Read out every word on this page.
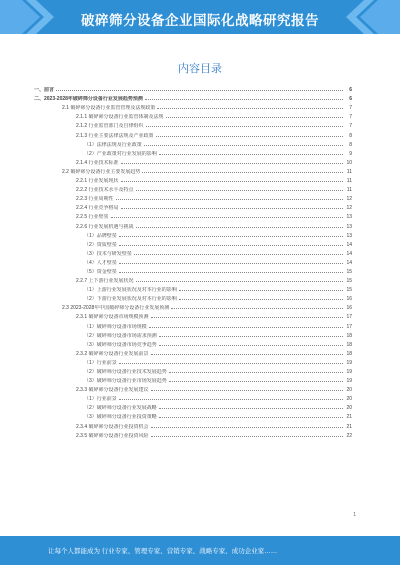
破碎筛分设备企业国际化战略研究报告
内容目录
一、前言	6
二、2023-2028年破碎筛分设备行业发展趋势预测	6
2.1 破碎筛分设备行业监管管理及法规政策	7
2.1.1 破碎筛分设备行业监管体制及法规	7
2.1.2 行业监管部门及自律组织	7
2.1.3 行业主要法律法规及产业政策	8
（1）法律法规及行业政策	8
（2）产业政策对行业发展的影响	9
2.1.4 行业技术标准	10
2.2 破碎筛分设备行业主要发展趋势	11
2.2.1 行业发展现状	11
2.2.2 行业技术水平及特点	11
2.2.3 行业周期性	12
2.2.4 行业竞争格局	12
2.2.5 行业壁垒	13
2.2.6 行业发展机遇与挑战	13
（1）品牌壁垒	13
（2）资质壁垒	14
（3）技术与研发壁垒	14
（4）人才壁垒	14
（5）资金壁垒	15
2.2.7 上下游行业发展状况	15
（1）上游行业发展状况及对本行业的影响	15
（2）下游行业发展状况及对本行业的影响	16
2.3 2023-2028年中国破碎筛分设备行业发展预测	16
2.3.1 破碎筛分设备市场规模预测	17
（1）破碎筛分设备市场规模	17
（2）破碎筛分设备市场需求预测	18
（3）破碎筛分设备市场竞争趋势	18
2.3.2 破碎筛分设备行业发展前景	18
（1）行业前景	19
（2）破碎筛分设备行业技术发展趋势	19
（3）破碎筛分设备行业市场发展趋势	19
2.3.3 破碎筛分设备行业发展建议	20
（1）行业前景	20
（2）破碎筛分设备行业发展战略	20
（3）破碎筛分设备行业投资策略	21
2.3.4 破碎筛分设备行业投资机会	21
2.3.5 破碎筛分设备行业投资风险	22
1
让每个人都能成为 行业专家、管理专家、营销专家、战略专家、成功企业家……
